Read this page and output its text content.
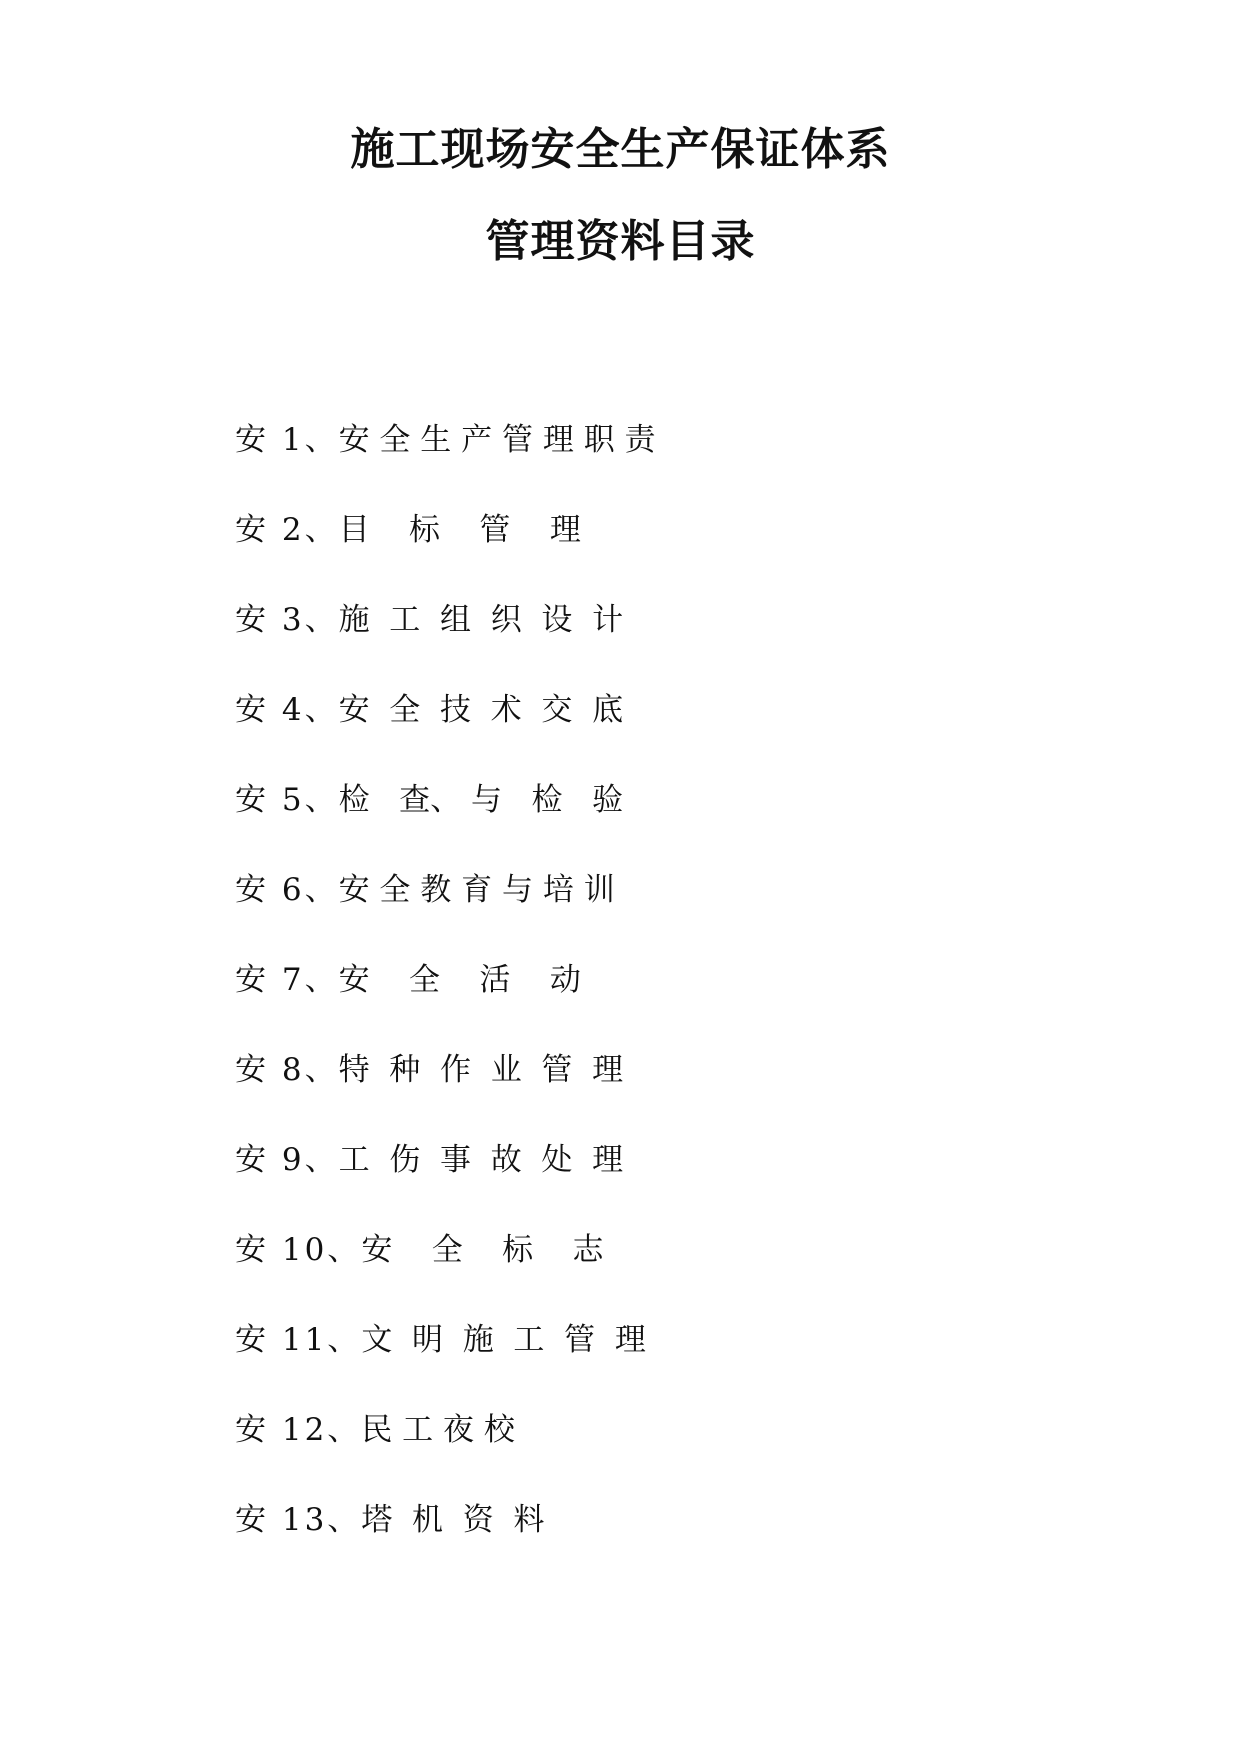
施工现场安全生产保证体系
管理资料目录
安 1、 安 全 生 产 管 理 职 责
安 2、 目    标    管    理
安 3、 施  工  组  织  设  计
安 4、 安  全  技  术  交  底
安 5、 检   查、 与   检   验
安 6、 安 全 教 育 与 培 训
安 7、 安    全    活    动
安 8、 特  种  作  业  管  理
安 9、 工  伤  事  故  处  理
安 10、 安    全    标    志
安 11、 文  明  施  工  管  理
安 12、 民 工 夜 校
安 13、 塔  机  资  料
